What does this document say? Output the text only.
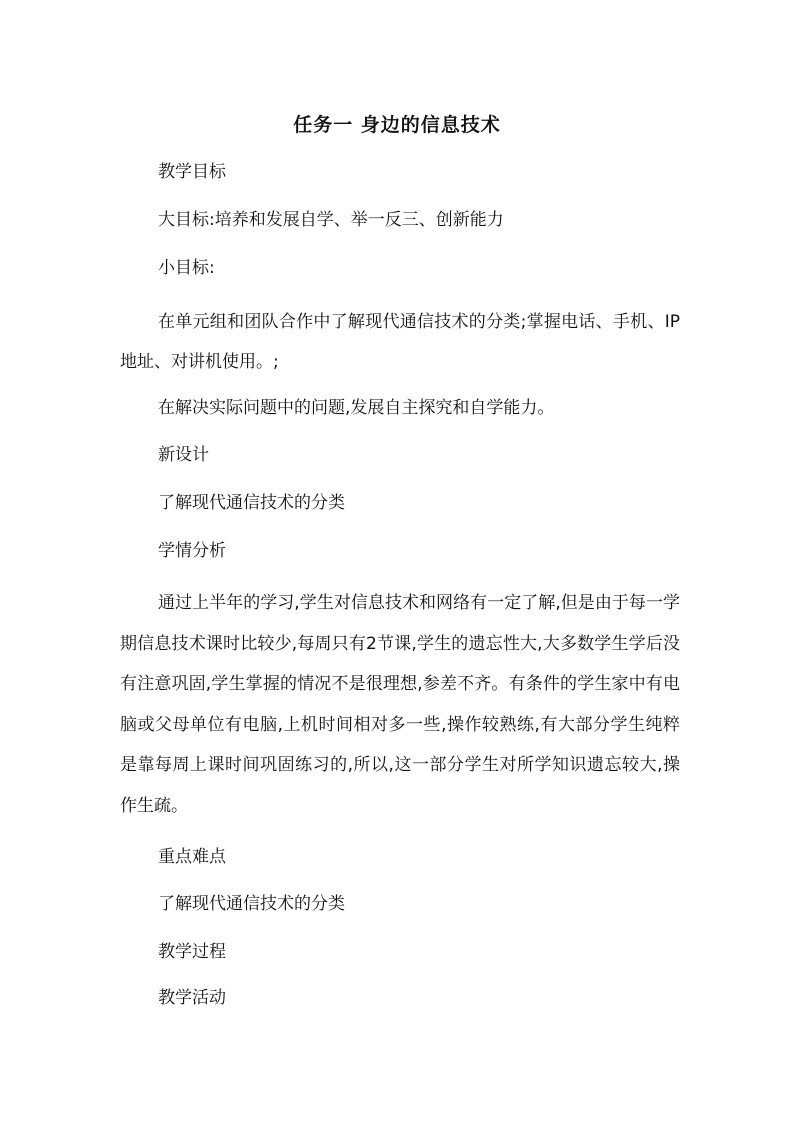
任务一 身边的信息技术

教学目标

大目标:培养和发展自学、举一反三、创新能力

小目标:

在单元组和团队合作中了解现代通信技术的分类;掌握电话、手机、IP地址、对讲机使用。;

在解决实际问题中的问题,发展自主探究和自学能力。

新设计

了解现代通信技术的分类

学情分析

通过上半年的学习,学生对信息技术和网络有一定了解,但是由于每一学期信息技术课时比较少,每周只有2节课,学生的遗忘性大,大多数学生学后没有注意巩固,学生掌握的情况不是很理想,参差不齐。有条件的学生家中有电脑或父母单位有电脑,上机时间相对多一些,操作较熟练,有大部分学生纯粹是靠每周上课时间巩固练习的,所以,这一部分学生对所学知识遗忘较大,操作生疏。

重点难点

了解现代通信技术的分类

教学过程

教学活动
